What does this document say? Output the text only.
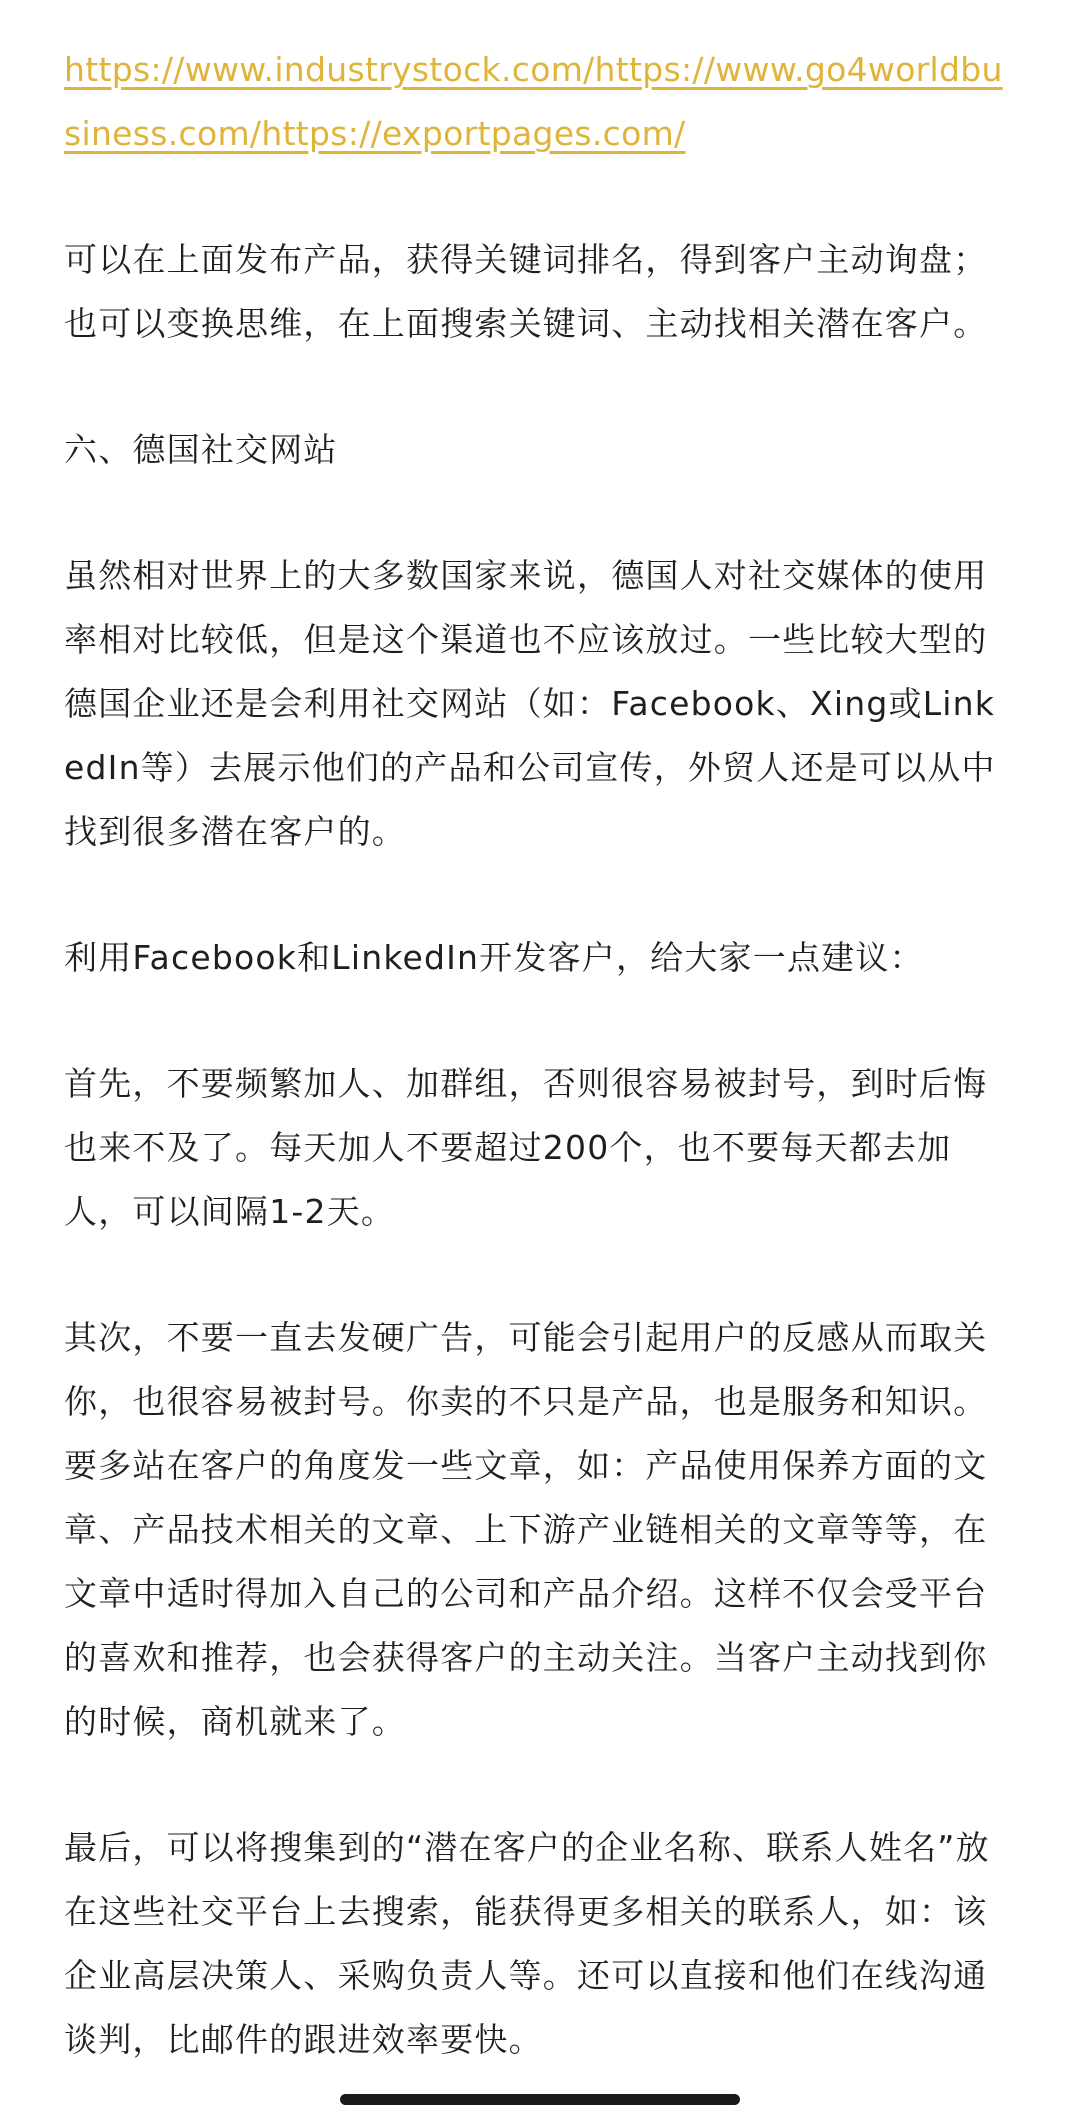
https://www.industrystock.com/https://www.go4worldbusiness.com/https://exportpages.com/

可以在上面发布产品，获得关键词排名，得到客户主动询盘；也可以变换思维，在上面搜索关键词、主动找相关潜在客户。

六、德国社交网站

虽然相对世界上的大多数国家来说，德国人对社交媒体的使用率相对比较低，但是这个渠道也不应该放过。一些比较大型的德国企业还是会利用社交网站（如：Facebook、Xing或LinkedIn等）去展示他们的产品和公司宣传，外贸人还是可以从中找到很多潜在客户的。

利用Facebook和LinkedIn开发客户，给大家一点建议：

首先，不要频繁加人、加群组，否则很容易被封号，到时后悔也来不及了。每天加人不要超过200个，也不要每天都去加人，可以间隔1-2天。

其次，不要一直去发硬广告，可能会引起用户的反感从而取关你，也很容易被封号。你卖的不只是产品，也是服务和知识。要多站在客户的角度发一些文章，如：产品使用保养方面的文章、产品技术相关的文章、上下游产业链相关的文章等等，在文章中适时得加入自己的公司和产品介绍。这样不仅会受平台的喜欢和推荐，也会获得客户的主动关注。当客户主动找到你的时候，商机就来了。

最后，可以将搜集到的“潜在客户的企业名称、联系人姓名”放在这些社交平台上去搜索，能获得更多相关的联系人，如：该企业高层决策人、采购负责人等。还可以直接和他们在线沟通谈判，比邮件的跟进效率要快。
